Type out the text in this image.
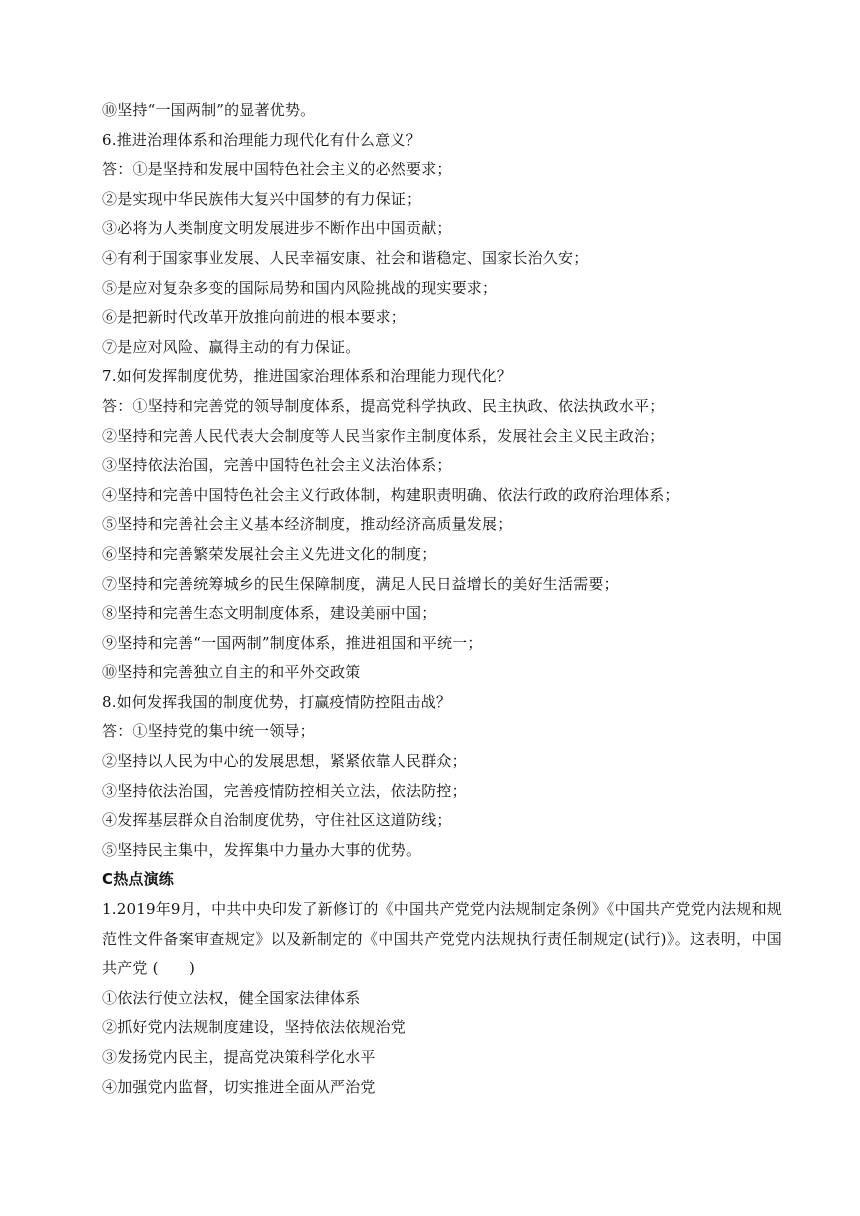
⑩坚持“一国两制”的显著优势。
6.推进治理体系和治理能力现代化有什么意义？
答：①是坚持和发展中国特色社会主义的必然要求；
②是实现中华民族伟大复兴中国梦的有力保证；
③必将为人类制度文明发展进步不断作出中国贡献；
④有利于国家事业发展、人民幸福安康、社会和谐稳定、国家长治久安；
⑤是应对复杂多变的国际局势和国内风险挑战的现实要求；
⑥是把新时代改革开放推向前进的根本要求；
⑦是应对风险、赢得主动的有力保证。
7.如何发挥制度优势，推进国家治理体系和治理能力现代化？
答：①坚持和完善党的领导制度体系，提高党科学执政、民主执政、依法执政水平；
②坚持和完善人民代表大会制度等人民当家作主制度体系，发展社会主义民主政治；
③坚持依法治国，完善中国特色社会主义法治体系；
④坚持和完善中国特色社会主义行政体制，构建职责明确、依法行政的政府治理体系；
⑤坚持和完善社会主义基本经济制度，推动经济高质量发展；
⑥坚持和完善繁荣发展社会主义先进文化的制度；
⑦坚持和完善统筹城乡的民生保障制度，满足人民日益增长的美好生活需要；
⑧坚持和完善生态文明制度体系，建设美丽中国；
⑨坚持和完善“一国两制”制度体系，推进祖国和平统一；
⑩坚持和完善独立自主的和平外交政策
8.如何发挥我国的制度优势，打赢疫情防控阻击战？
答：①坚持党的集中统一领导；
②坚持以人民为中心的发展思想，紧紧依靠人民群众；
③坚持依法治国，完善疫情防控相关立法，依法防控；
④发挥基层群众自治制度优势，守住社区这道防线；
⑤坚持民主集中，发挥集中力量办大事的优势。
C热点演练
1.2019年9月，中共中央印发了新修订的《中国共产党党内法规制定条例》《中国共产党党内法规和规范性文件备案审查规定》以及新制定的《中国共产党党内法规执行责任制规定(试行)》。这表明，中国共产党 (　　)
①依法行使立法权，健全国家法律体系
②抓好党内法规制度建设，坚持依法依规治党
③发扬党内民主，提高党决策科学化水平
④加强党内监督，切实推进全面从严治党
